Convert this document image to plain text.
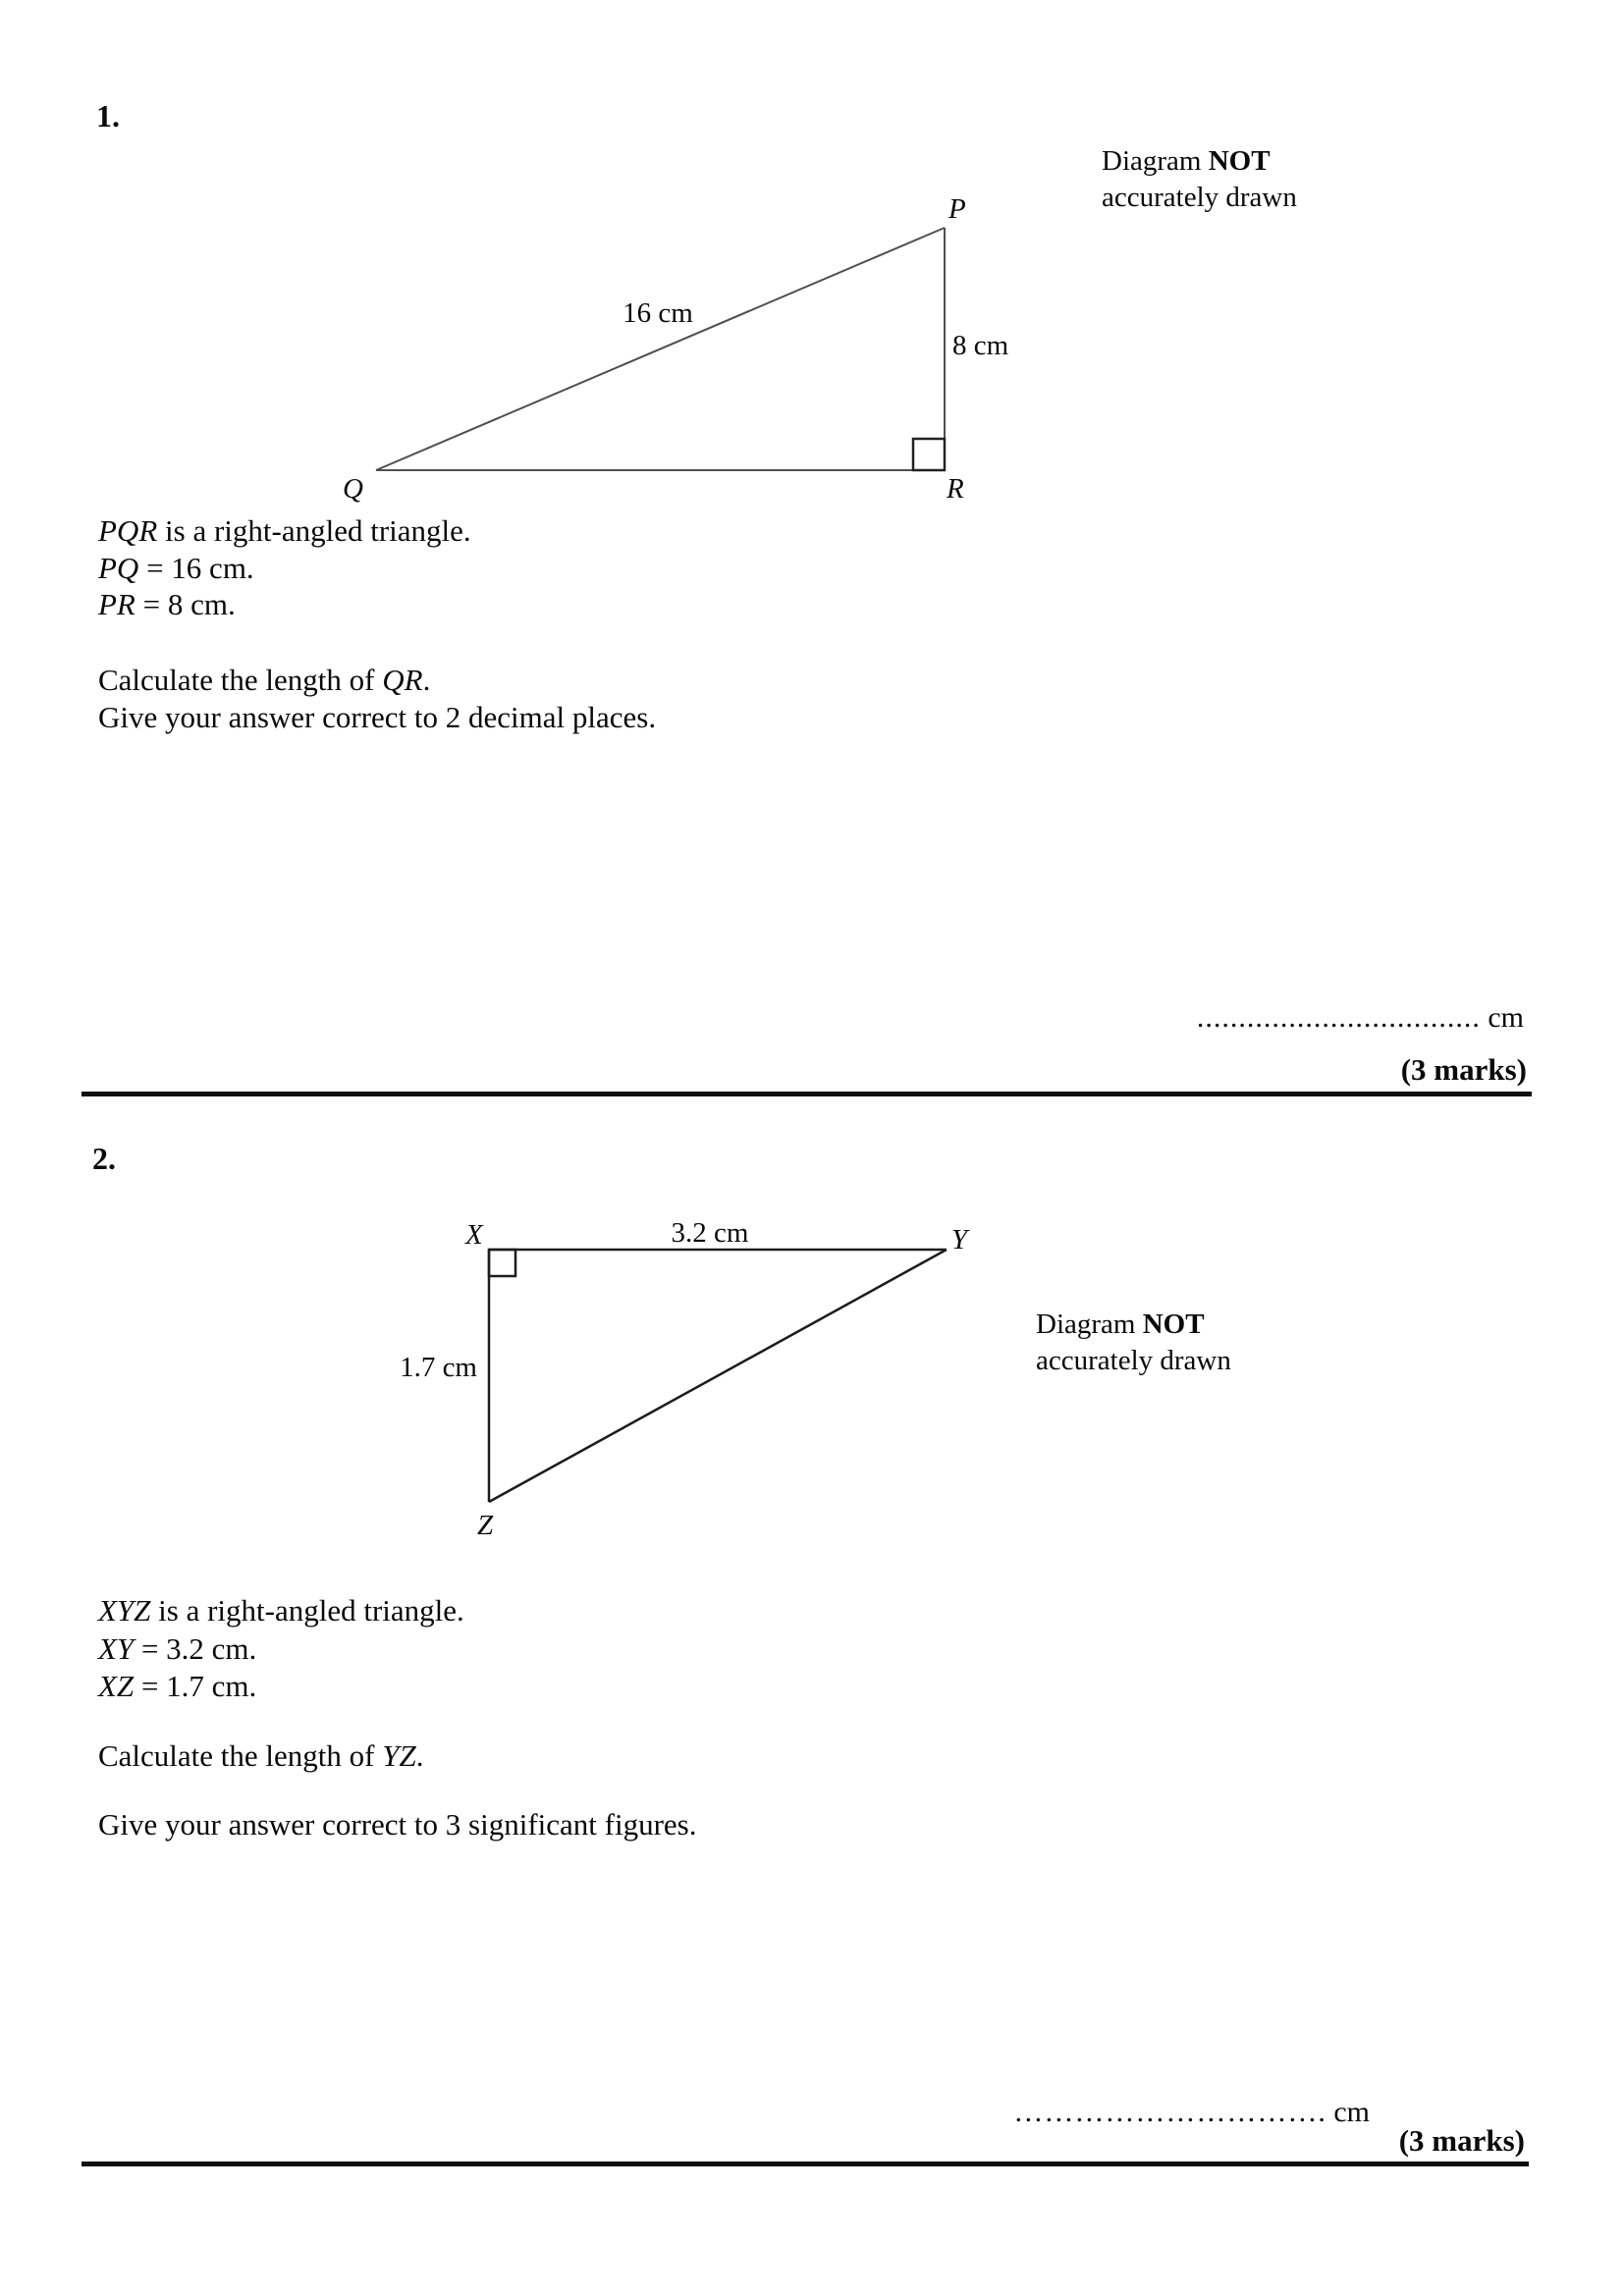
1.
P
Q	R
16 cm
8 cm
Diagram NOT
accurately drawn
PQR is a right-angled triangle.
PQ = 16 cm.
PR = 8 cm.
Calculate the length of QR.
Give your answer correct to 2 decimal places.
.................................. cm
(3 marks)
2.
X	Y
Z
3.2 cm
1.7 cm
Diagram NOT
accurately drawn
XYZ is a right-angled triangle.
XY = 3.2 cm.
XZ = 1.7 cm.
Calculate the length of YZ.
Give your answer correct to 3 significant figures.
…………………………. cm
(3 marks)
